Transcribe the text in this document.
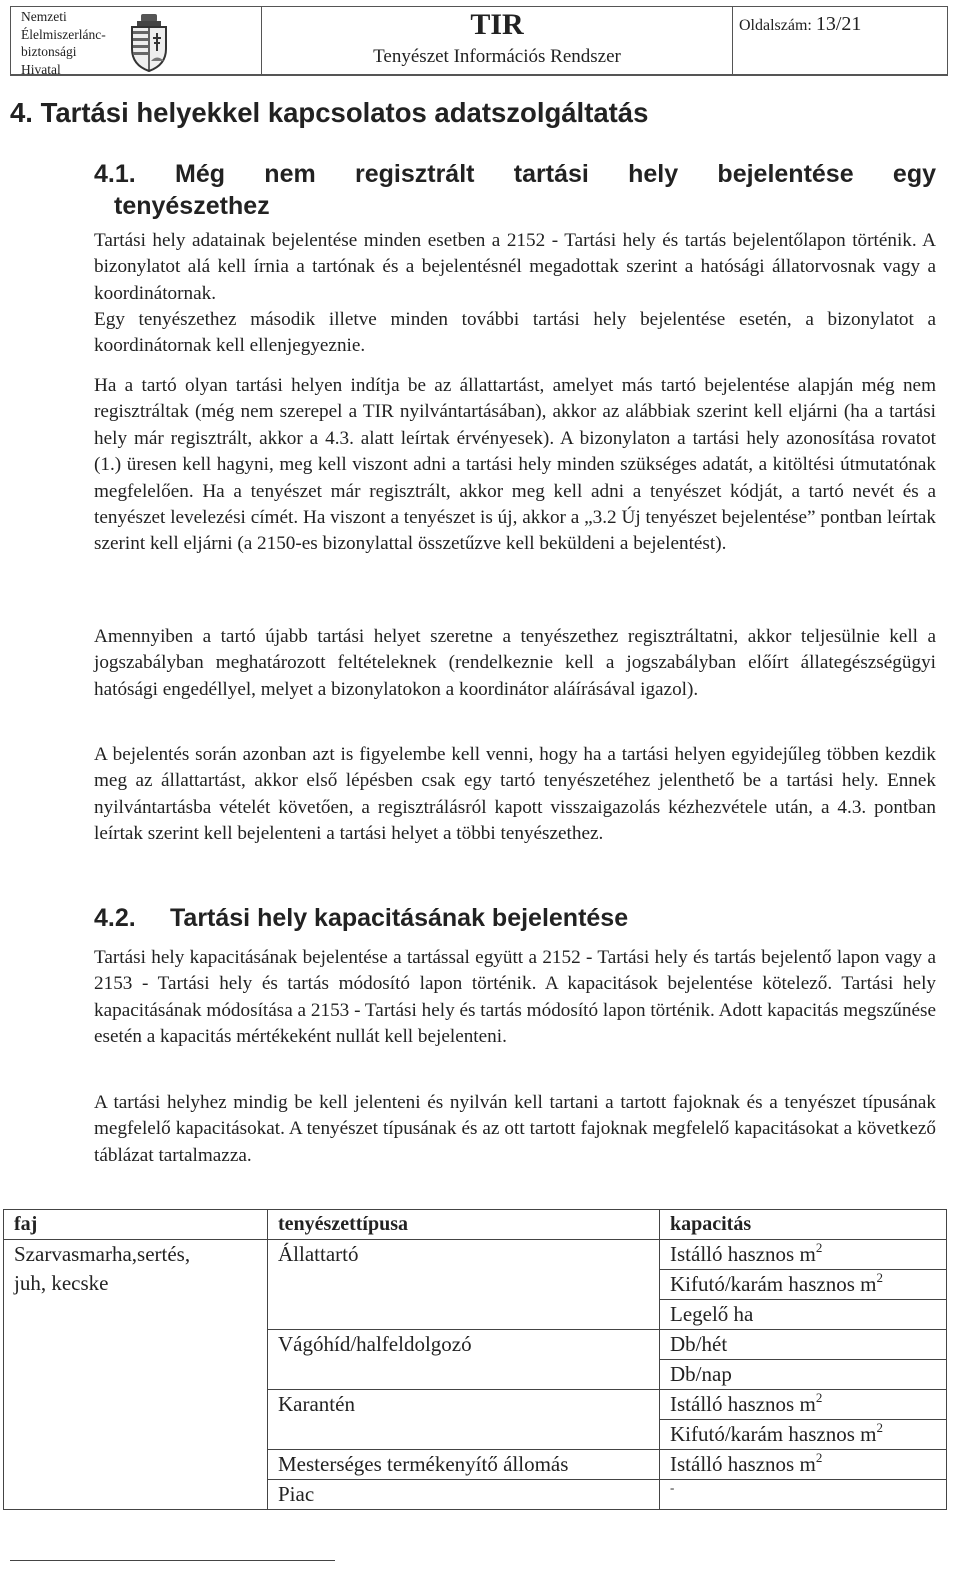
Nemzeti
Élelmiszerlánc-
biztonsági
Hivatal
TIR
Tenyészet Információs Rendszer
Oldalszám: 13/21
4. Tartási helyekkel kapcsolatos adatszolgáltatás
4.1. Még nem regisztrált tartási hely bejelentése egy
tenyészethez

Tartási hely adatainak bejelentése minden esetben a 2152 - Tartási hely és tartás bejelentőlapon történik. A bizonylatot alá kell írnia a tartónak és a bejelentésnél megadottak szerint a hatósági állatorvosnak vagy a koordinátornak.

Egy tenyészethez második illetve minden további tartási hely bejelentése esetén, a bizonylatot a koordinátornak kell ellenjegyeznie.

Ha a tartó olyan tartási helyen indítja be az állattartást, amelyet más tartó bejelentése alapján még nem regisztráltak (még nem szerepel a TIR nyilvántartásában), akkor az alábbiak szerint kell eljárni (ha a tartási hely már regisztrált, akkor a 4.3. alatt leírtak érvényesek). A bizonylaton a tartási hely azonosítása rovatot (1.) üresen kell hagyni, meg kell viszont adni a tartási hely minden szükséges adatát, a kitöltési útmutatónak megfelelően. Ha a tenyészet már regisztrált, akkor meg kell adni a tenyészet kódját, a tartó nevét és a tenyészet levelezési címét. Ha viszont a tenyészet is új, akkor a „3.2 Új tenyészet bejelentése” pontban leírtak szerint kell eljárni (a 2150-es bizonylattal összetűzve kell beküldeni a bejelentést).

Amennyiben a tartó újabb tartási helyet szeretne a tenyészethez regisztráltatni, akkor teljesülnie kell a jogszabályban meghatározott feltételeknek (rendelkeznie kell a jogszabályban előírt állategészségügyi hatósági engedéllyel, melyet a bizonylatokon a koordinátor aláírásával igazol).

A bejelentés során azonban azt is figyelembe kell venni, hogy ha a tartási helyen egyidejűleg többen kezdik meg az állattartást, akkor első lépésben csak egy tartó tenyészetéhez jelenthető be a tartási hely. Ennek nyilvántartásba vételét követően, a regisztrálásról kapott visszaigazolás kézhezvétele után, a 4.3. pontban leírtak szerint kell bejelenteni a tartási helyet a többi tenyészethez.

4.2. Tartási hely kapacitásának bejelentése

Tartási hely kapacitásának bejelentése a tartással együtt a 2152 - Tartási hely és tartás bejelentő lapon vagy a 2153 - Tartási hely és tartás módosító lapon történik. A kapacitások bejelentése kötelező. Tartási hely kapacitásának módosítása a 2153 - Tartási hely és tartás módosító lapon történik. Adott kapacitás megszűnése esetén a kapacitás mértékeként nullát kell bejelenteni.

A tartási helyhez mindig be kell jelenteni és nyilván kell tartani a tartott fajoknak és a tenyészet típusának megfelelő kapacitásokat. A tenyészet típusának és az ott tartott fajoknak megfelelő kapacitásokat a következő táblázat tartalmazza.

faj	tenyészettípusa	kapacitás

Szarvasmarha,sertés,
juh, kecske	Állattartó	Istálló hasznos $m^2$
		Kifutó/karám hasznos $m^2$
		Legelő ha
	Vágóhíd/halfeldolgozó	Db/hét
		Db/nap
	Karantén	Istálló hasznos $m^2$
		Kifutó/karám hasznos $m^2$
	Mesterséges termékenyítő állomás	Istálló hasznos $m^2$
	Piac	-
